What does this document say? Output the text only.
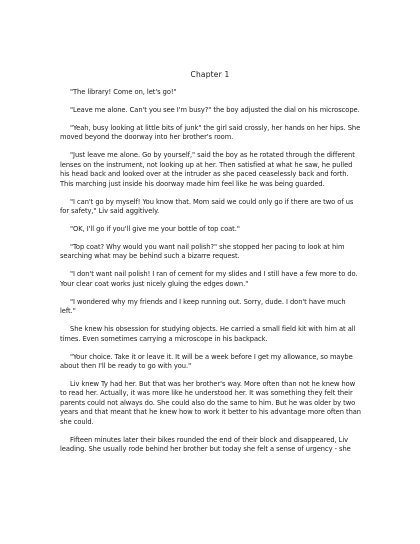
Chapter 1

"The library! Come on, let's go!"

"Leave me alone. Can't you see I'm busy?" the boy adjusted the dial on his microscope.

"Yeah, busy looking at little bits of junk" the girl said crossly, her hands on her hips. She moved beyond the doorway into her brother's room.

"Just leave me alone. Go by yourself," said the boy as he rotated through the different lenses on the instrument, not looking up at her. Then satisfied at what he saw, he pulled his head back and looked over at the intruder as she paced ceaselessly back and forth. This marching just inside his doorway made him feel like he was being guarded.

"I can't go by myself! You know that. Mom said we could only go if there are two of us for safety," Liv said aggitively.

"OK, I'll go if you'll give me your bottle of top coat."

"Top coat? Why would you want nail polish?" she stopped her pacing to look at him searching what may be behind such a bizarre request.

"I don't want nail polish! I ran of cement for my slides and I still have a few more to do. Your clear coat works just nicely gluing the edges down."

"I wondered why my friends and I keep running out. Sorry, dude. I don't have much left."

She knew his obsession for studying objects. He carried a small field kit with him at all times. Even sometimes carrying a microscope in his backpack.

"Your choice. Take it or leave it. It will be a week before I get my allowance, so maybe about then I'll be ready to go with you."

Liv knew Ty had her. But that was her brother's way. More often than not he knew how to read her. Actually, it was more like he understood her. It was something they felt their parents could not always do. She could also do the same to him. But he was older by two years and that meant that he knew how to work it better to his advantage more often than she could.

Fifteen minutes later their bikes rounded the end of their block and disappeared, Liv leading. She usually rode behind her brother but today she felt a sense of urgency - she
